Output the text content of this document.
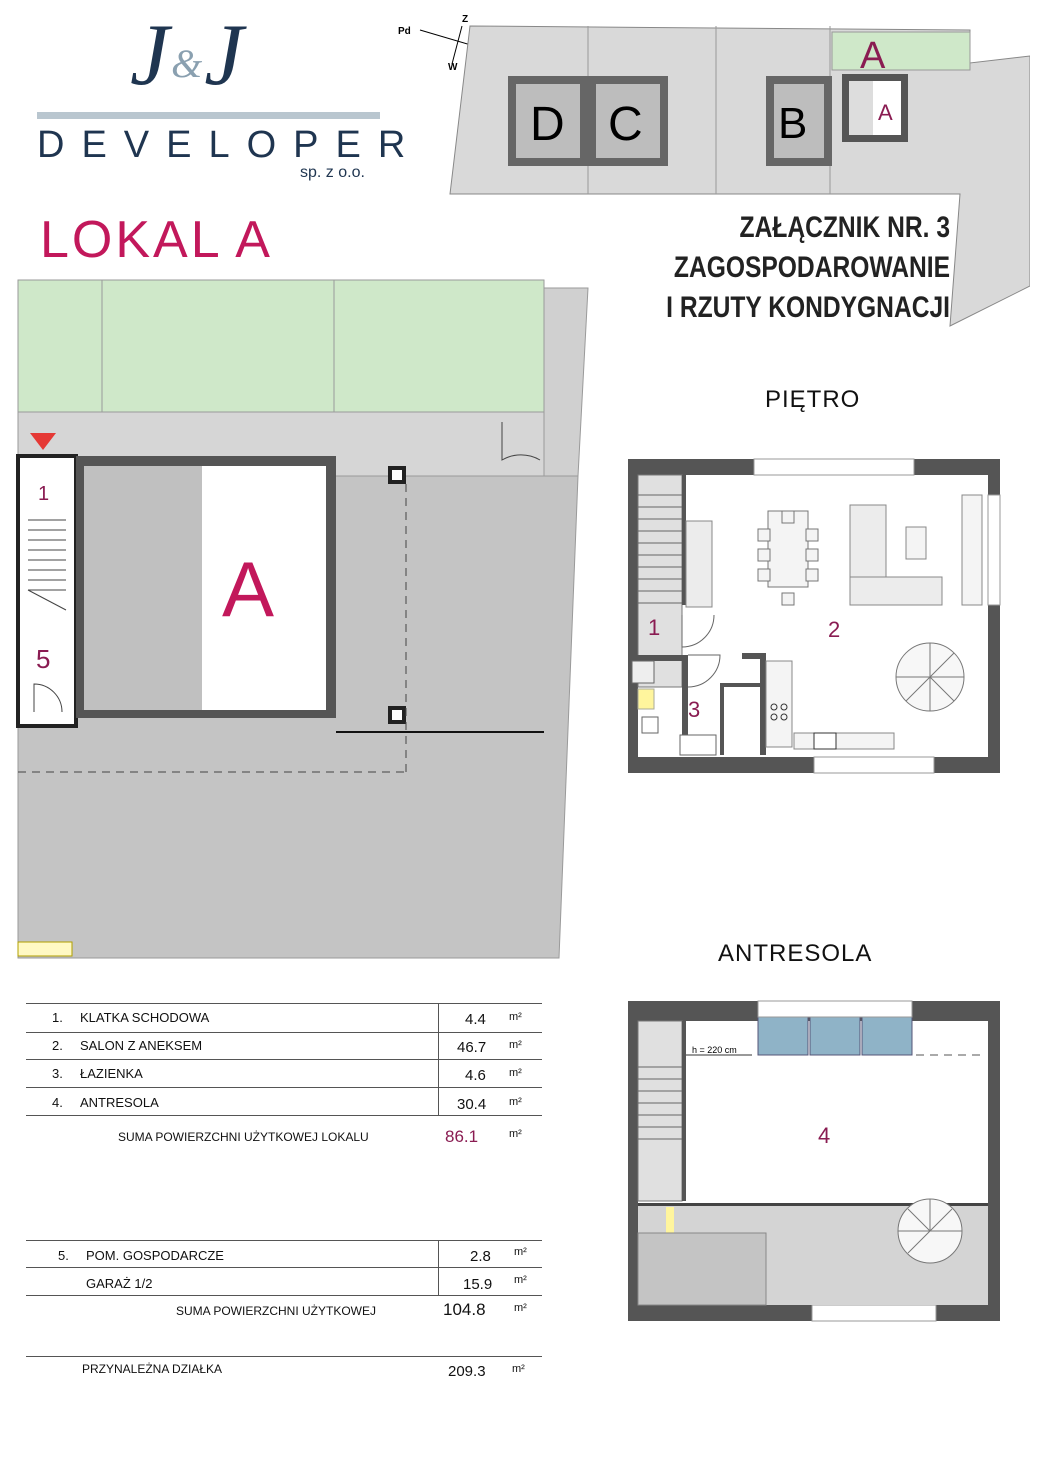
J&J
DEVELOPER
sp. z o.o.
LOKAL A	ZAŁĄCZNIK NR. 3
ZAGOSPODAROWANIE
I RZUTY KONDYGNACJI
Pd
W
Z
D C	B
A
A
1
5
A
PIĘTRO
1	2
3
ANTRESOLA
h = 220 cm
4
1. KLATKA SCHODOWA	4.4 m²
2. SALON Z ANEKSEM	46.7 m²
3. ŁAZIENKA	4.6 m²
4. ANTRESOLA	30.4 m²
SUMA POWIERZCHNI UŻYTKOWEJ LOKALU	86.1	m²
5. POM. GOSPODARCZE	2.8 m²
GARAŻ 1/2	15.9 m²
SUMA POWIERZCHNI UŻYTKOWEJ	104.8	m²
PRZYNALEŻNA DZIAŁKA	209.3 m²
